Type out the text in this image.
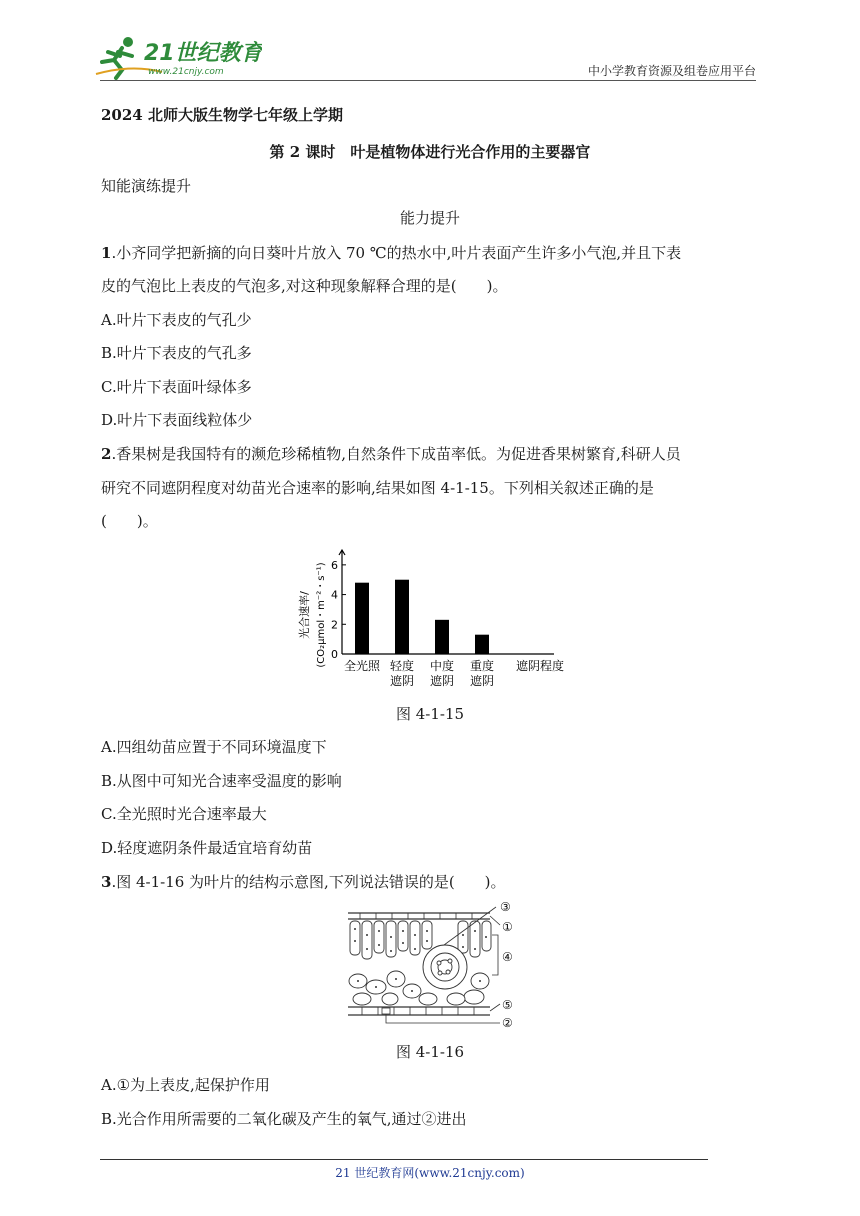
21世纪教育
www.21cnjy.com	中小学教育资源及组卷应用平台
2024 北师大版生物学七年级上学期
第 2 课时　叶是植物体进行光合作用的主要器官
知能演练提升
能力提升
1.小齐同学把新摘的向日葵叶片放入 70 ℃的热水中,叶片表面产生许多小气泡,并且下表
皮的气泡比上表皮的气泡多,对这种现象解释合理的是(　　)。
A.叶片下表皮的气孔少
B.叶片下表皮的气孔多
C.叶片下表面叶绿体多
D.叶片下表面线粒体少
2.香果树是我国特有的濒危珍稀植物,自然条件下成苗率低。为促进香果树繁育,科研人员
研究不同遮阴程度对幼苗光合速率的影响,结果如图 4-1-15。下列相关叙述正确的是
(　　)。
光合速率/ (CO₂μmol・m⁻²・s⁻¹) 0
2
4
6
全光照 轻度
遮阴
中度
遮阴
重度
遮阴
遮阴程度
图 4-1-15
A.四组幼苗应置于不同环境温度下
B.从图中可知光合速率受温度的影响
C.全光照时光合速率最大
D.轻度遮阴条件最适宜培育幼苗
3.图 4-1-16 为叶片的结构示意图,下列说法错误的是(　　)。
③
①
④
⑤
②
图 4-1-16
A.①为上表皮,起保护作用
B.光合作用所需要的二氧化碳及产生的氧气,通过②进出
21 世纪教育网(www.21cnjy.com)
